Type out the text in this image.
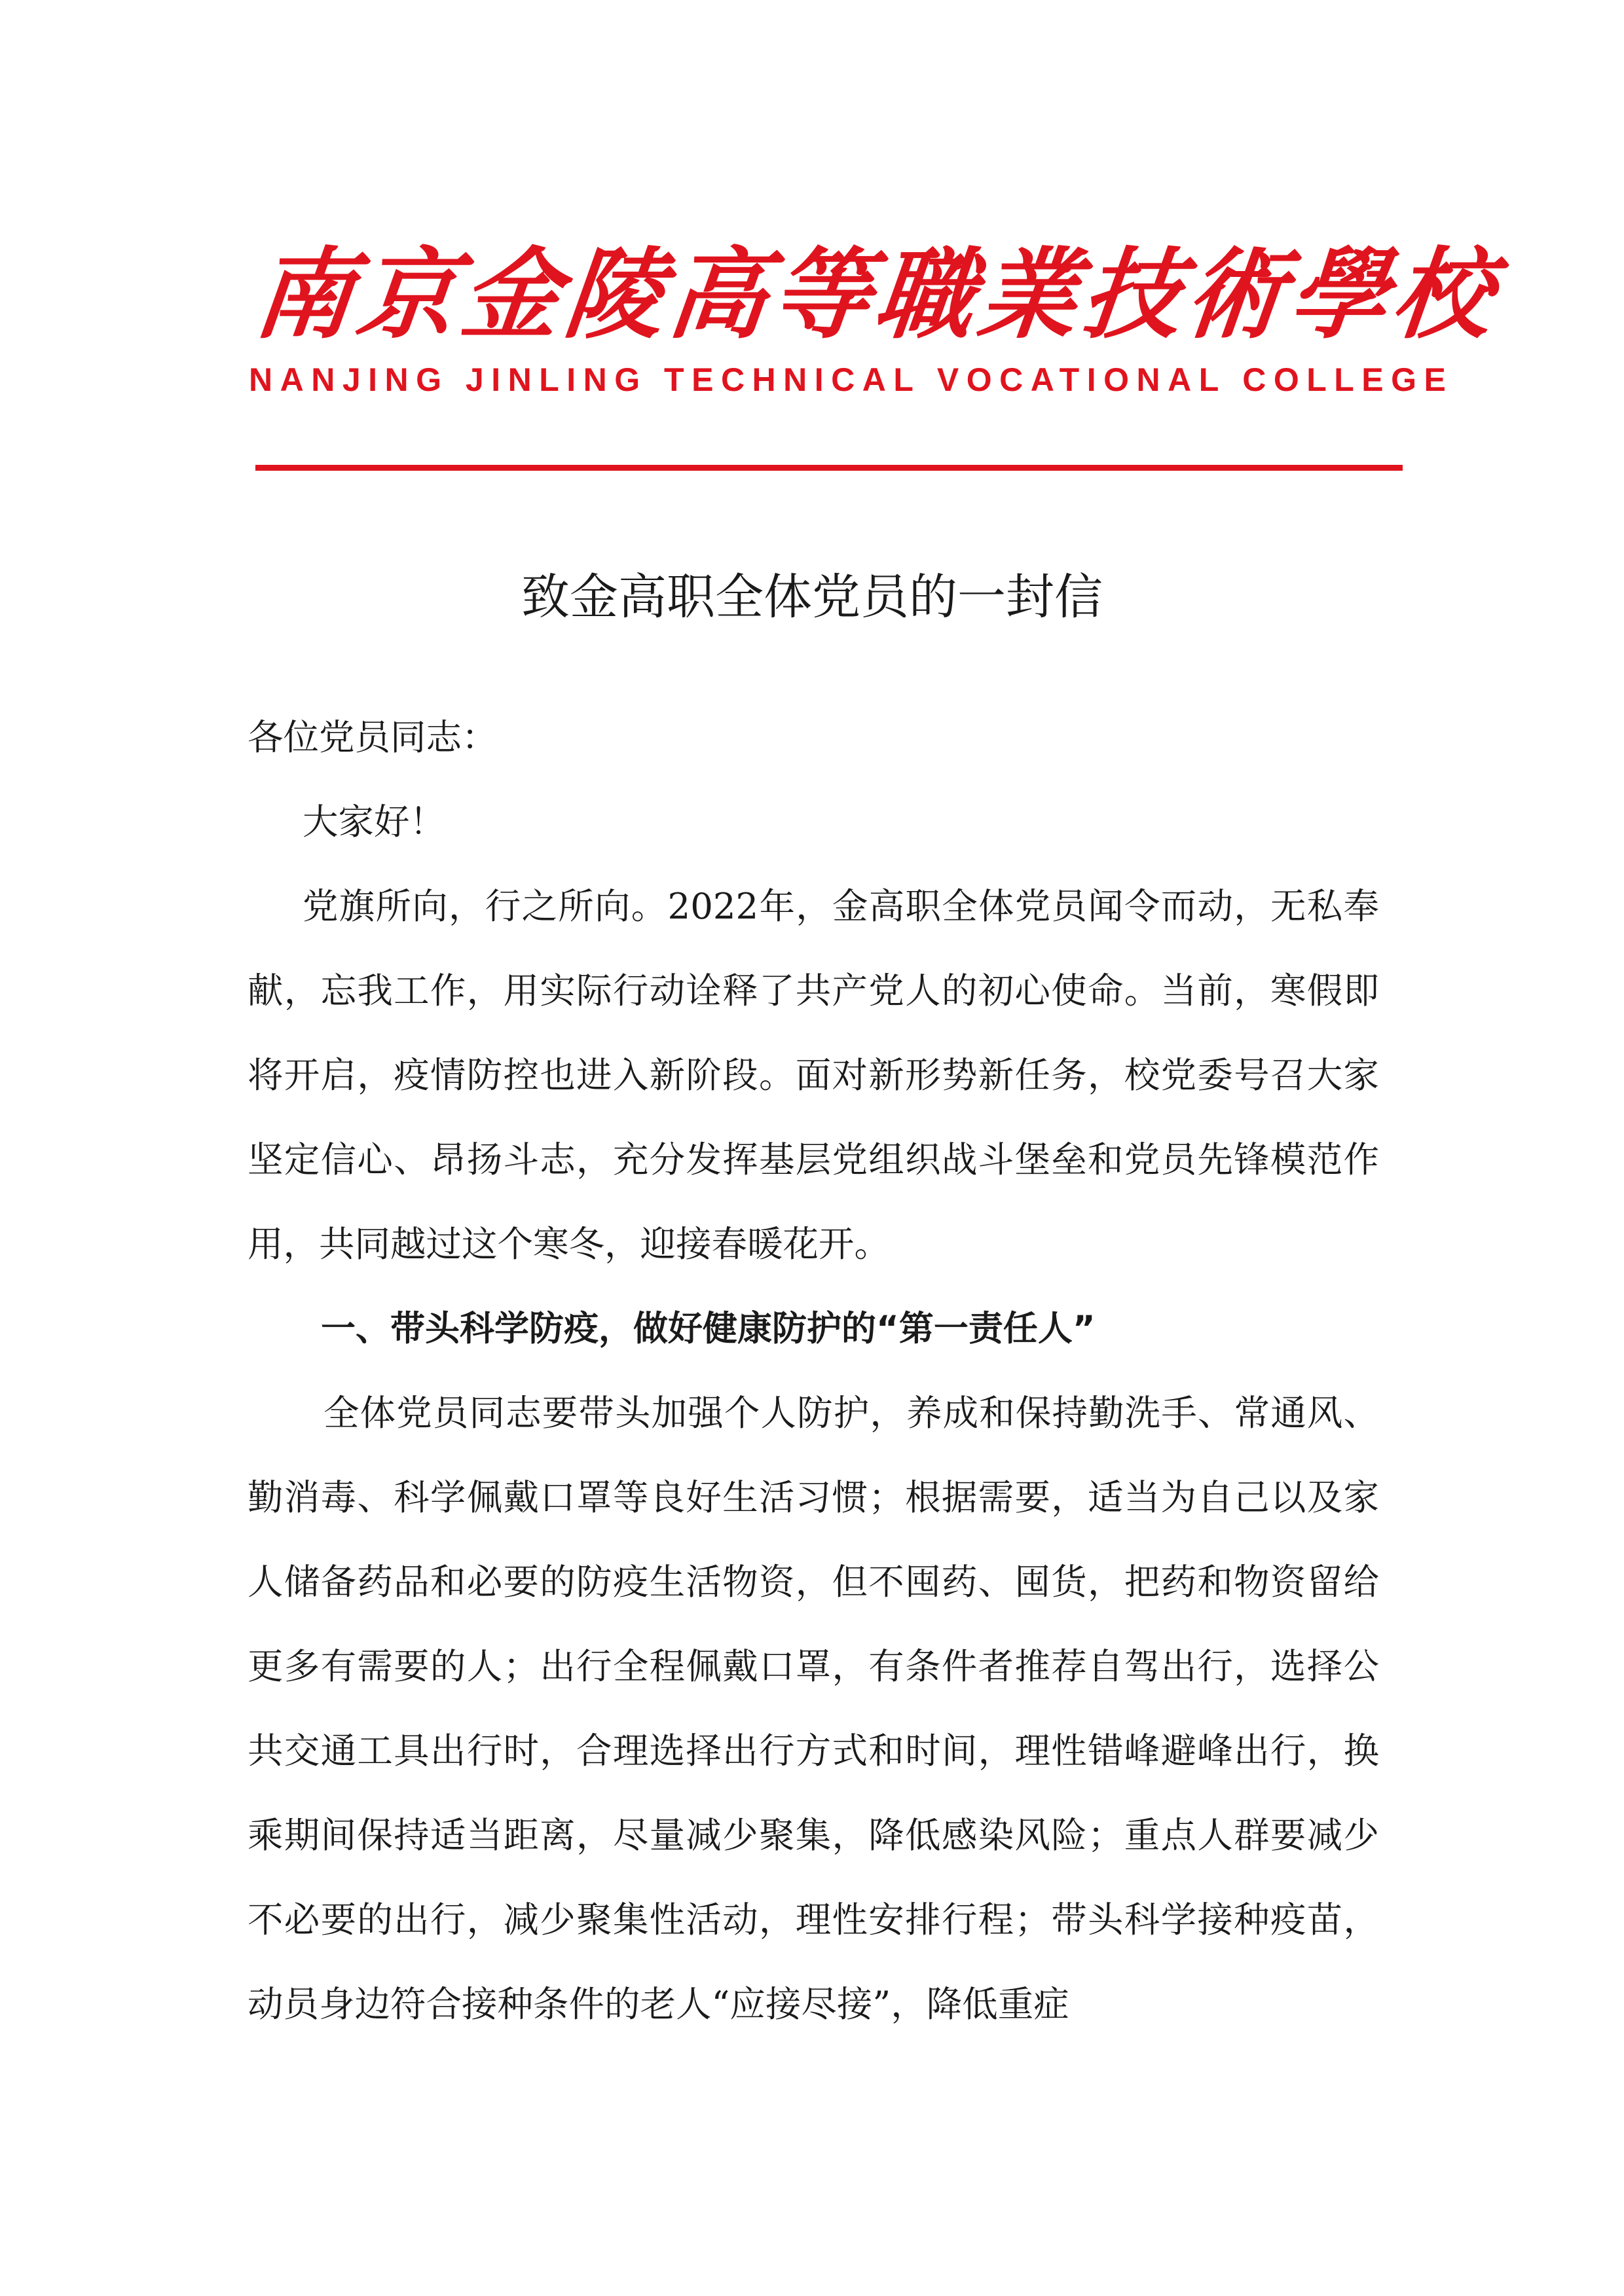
南京金陵高等職業技術學校
NANJING JINLING TECHNICAL VOCATIONAL COLLEGE
致金高职全体党员的一封信

各位党员同志：

大家好！

党旗所向，行之所向。2022年，金高职全体党员闻令而动，无私奉献，忘我工作，用实际行动诠释了共产党人的初心使命。当前，寒假即将开启，疫情防控也进入新阶段。面对新形势新任务，校党委号召大家坚定信心、昂扬斗志，充分发挥基层党组织战斗堡垒和党员先锋模范作用，共同越过这个寒冬，迎接春暖花开。

一、带头科学防疫，做好健康防护的“第一责任人”

全体党员同志要带头加强个人防护，养成和保持勤洗手、常通风、勤消毒、科学佩戴口罩等良好生活习惯；根据需要，适当为自己以及家人储备药品和必要的防疫生活物资，但不囤药、囤货，把药和物资留给更多有需要的人；出行全程佩戴口罩，有条件者推荐自驾出行，选择公共交通工具出行时，合理选择出行方式和时间，理性错峰避峰出行，换乘期间保持适当距离，尽量减少聚集，降低感染风险；重点人群要减少不必要的出行，减少聚集性活动，理性安排行程；带头科学接种疫苗，动员身边符合接种条件的老人“应接尽接”，降低重症
